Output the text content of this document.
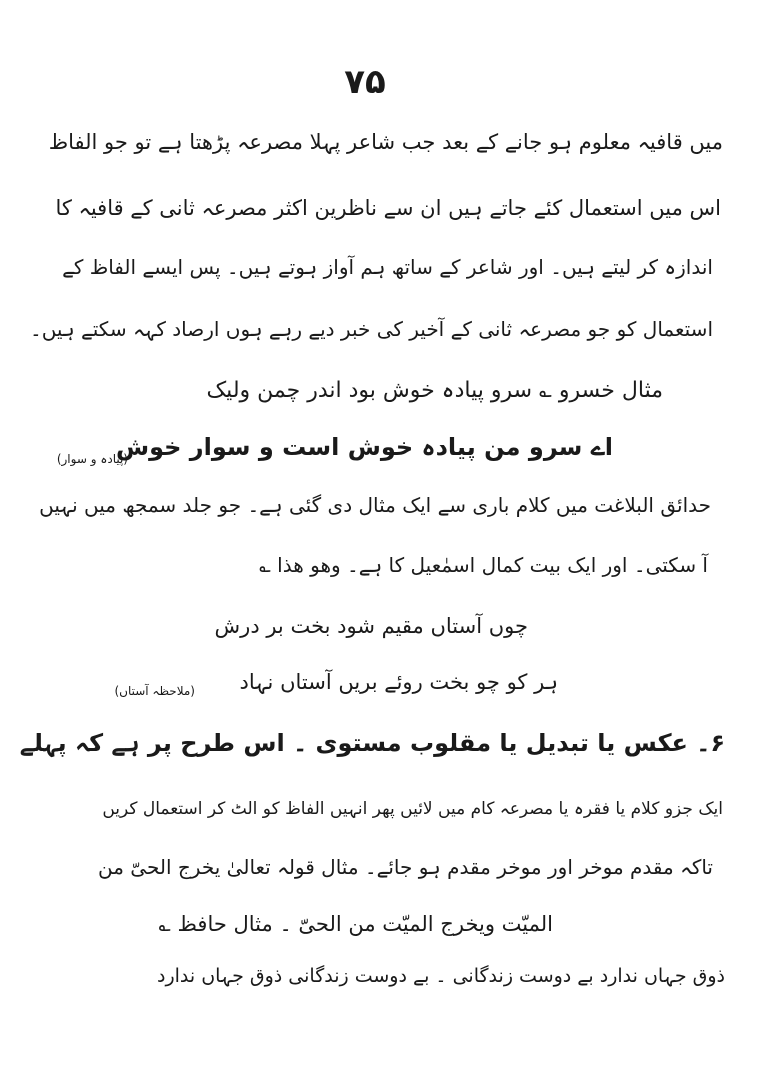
۷۵
میں قافیہ معلوم ہو جانے کے بعد جب شاعر پہلا مصرعہ پڑھتا ہے تو جو الفاظ
اس میں استعمال کئے جاتے ہیں ان سے ناظرین اکثر مصرعہ ثانی کے قافیہ کا
اندازہ کر لیتے ہیں۔ اور شاعر کے ساتھ ہم آواز ہوتے ہیں۔ پس ایسے الفاظ کے
استعمال کو جو مصرعہ ثانی کے آخیر کی خبر دیے رہے ہوں ارصاد کہہ سکتے ہیں۔
مثال خسرو ؎ سرو پیادہ خوش بود اندر چمن ولیک
اے سرو من پیادہ خوش است و سوار خوش
(پیادہ و سوار)
حدائق البلاغت میں کلام باری سے ایک مثال دی گئی ہے۔ جو جلد سمجھ میں نہیں
آ سکتی۔ اور ایک بیت کمال اسمٰعیل کا ہے۔ وھو ھذا ؎
چوں آستاں مقیم شود بخت بر درش
ہر کو چو بخت روئے بریں آستاں نہاد
(ملاحظہ آستاں)
۶۔ عکس یا تبدیل یا مقلوب مستوی ۔ اس طرح پر ہے کہ پہلے
ایک جزو کلام یا فقرہ یا مصرعہ کام میں لائیں پھر انہیں الفاظ کو الٹ کر استعمال کریں
تاکہ مقدم موخر اور موخر مقدم ہو جائے۔ مثال قولہ تعالیٰ یخرج الحیّ من
المیّت ویخرج المیّت من الحیّ ۔ مثال حافظ ؎
ذوق جہاں ندارد بے دوست زندگانی ۔ بے دوست زندگانی ذوق جہاں ندارد
